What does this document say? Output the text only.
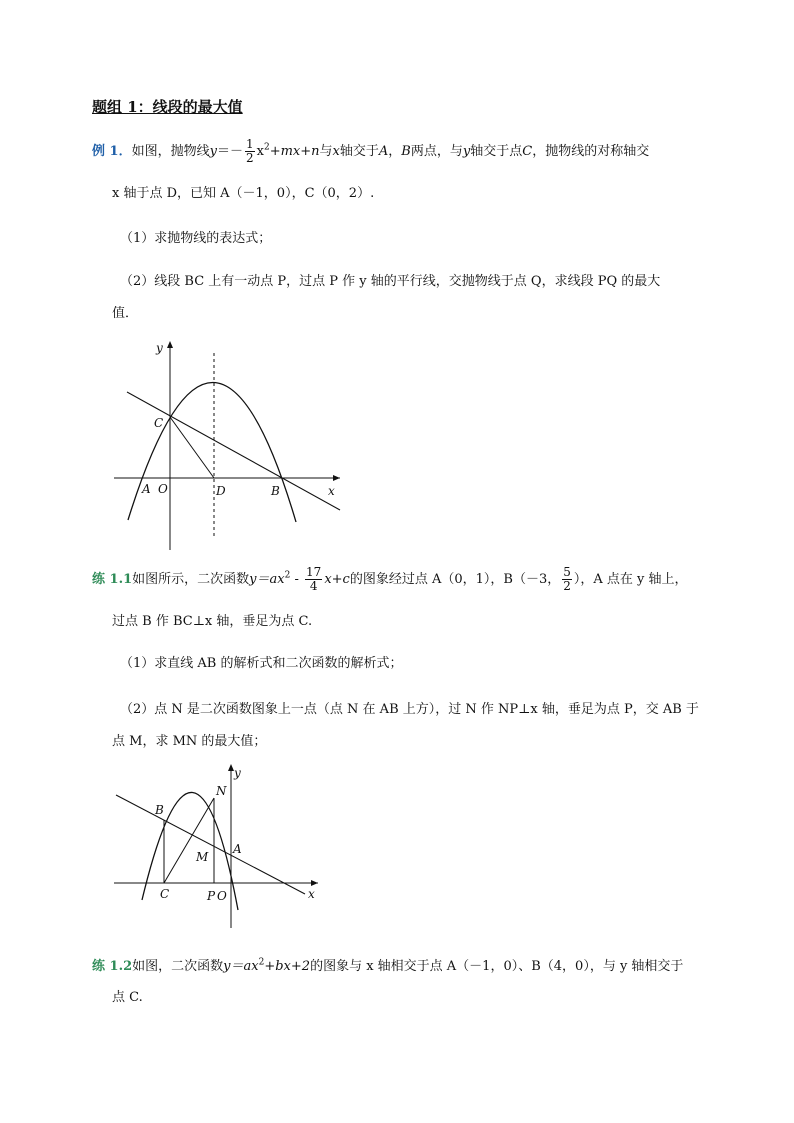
题组 1：线段的最大值
例 1．如图，抛物线$y=- \frac{1}{2} x^2+mx+n$与x轴交于A，B两点，与y轴交于点C，抛物线的对称轴交
x 轴于点 D，已知 A（－1，0），C（0，2）.
（1）求抛物线的表达式；
（2）线段 BC 上有一动点 P，过点 P 作 y 轴的平行线，交抛物线于点 Q，求线段 PQ 的最大
值．
y
C
A O	D	B	x
练 1.1如图所示，二次函数$y=ax^2 - \frac{17}{4} x+c$的图象经过点 A（0，1），B（－3， $\frac{5}{2}$ ），A 点在 y 轴上，
过点 B 作 BC⊥x 轴，垂足为点 C.
（1）求直线 AB 的解析式和二次函数的解析式；
（2）点 N 是二次函数图象上一点（点 N 在 AB 上方），过 N 作 NP⊥x 轴，垂足为点 P，交 AB 于
点 M，求 MN 的最大值；
y
N
B
M
A
C	P O	x
练 1.2如图，二次函数$y=ax^2+bx+2$的图象与 x 轴相交于点 A（－1，0）、B（4，0），与 y 轴相交于
点 C.
